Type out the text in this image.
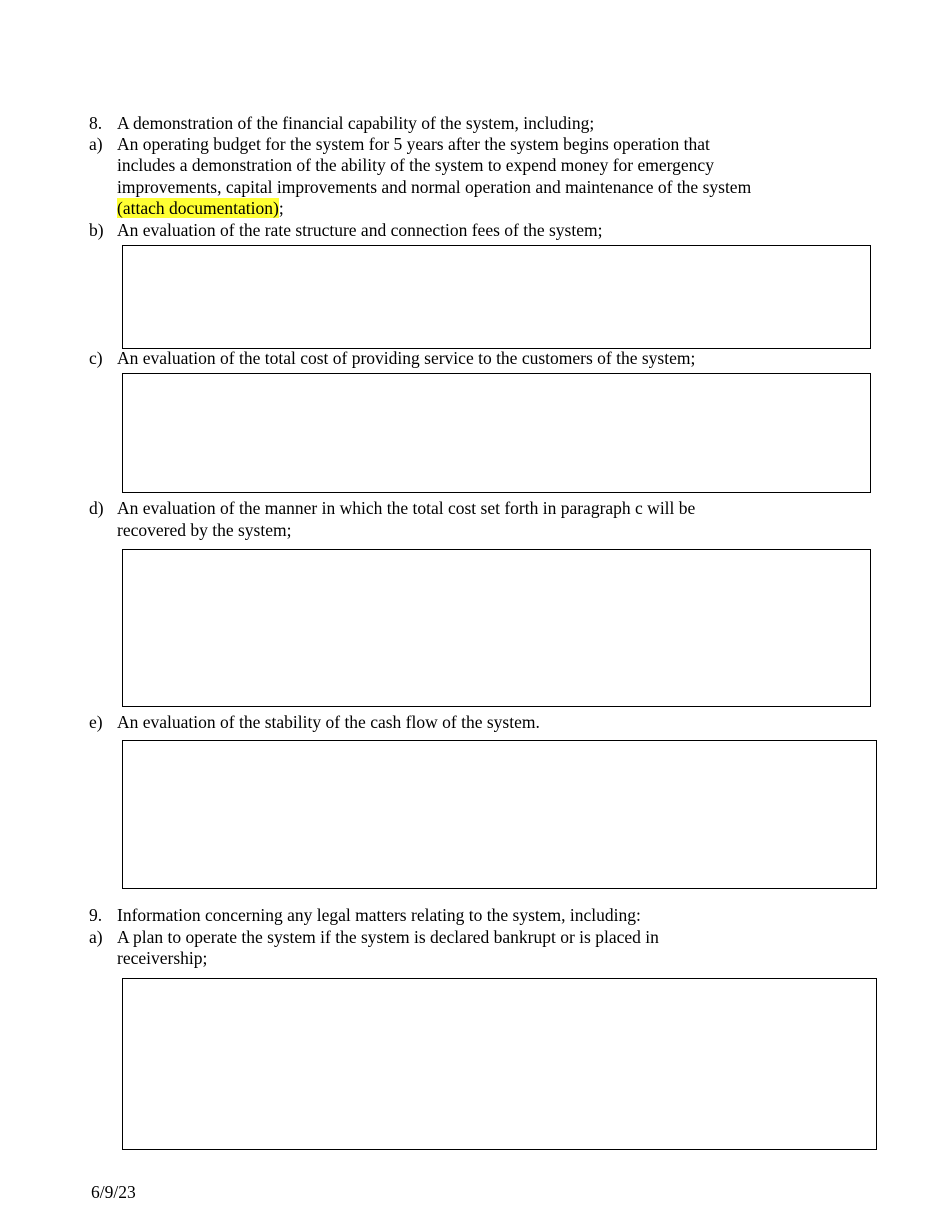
8. A demonstration of the financial capability of the system, including;
a) An operating budget for the system for 5 years after the system begins operation that
includes a demonstration of the ability of the system to expend money for emergency
improvements, capital improvements and normal operation and maintenance of the system
(attach documentation);
b) An evaluation of the rate structure and connection fees of the system;
c) An evaluation of the total cost of providing service to the customers of the system;
d) An evaluation of the manner in which the total cost set forth in paragraph c will be
recovered by the system;
e) An evaluation of the stability of the cash flow of the system.
9. Information concerning any legal matters relating to the system, including:
a) A plan to operate the system if the system is declared bankrupt or is placed in
receivership;
6/9/23
